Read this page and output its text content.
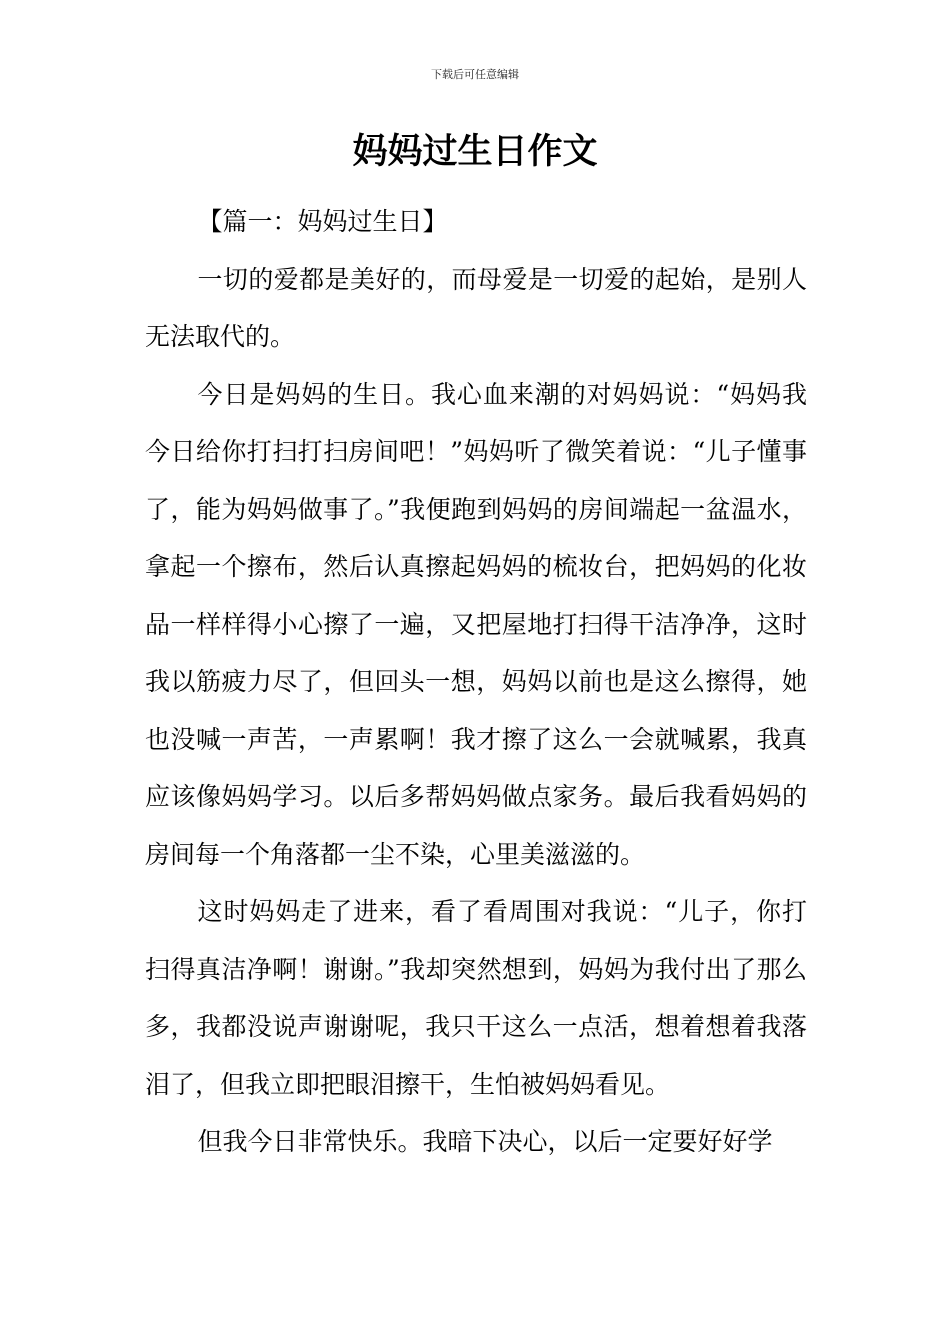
下载后可任意编辑
妈妈过生日作文

【篇一：妈妈过生日】

一切的爱都是美好的，而母爱是一切爱的起始，是别人无法取代的。

今日是妈妈的生日。我心血来潮的对妈妈说：“妈妈我今日给你打扫打扫房间吧！”妈妈听了微笑着说：“儿子懂事了，能为妈妈做事了。”我便跑到妈妈的房间端起一盆温水，拿起一个擦布，然后认真擦起妈妈的梳妆台，把妈妈的化妆品一样样得小心擦了一遍，又把屋地打扫得干洁净净，这时我以筋疲力尽了，但回头一想，妈妈以前也是这么擦得，她也没喊一声苦，一声累啊！我才擦了这么一会就喊累，我真应该像妈妈学习。以后多帮妈妈做点家务。最后我看妈妈的房间每一个角落都一尘不染，心里美滋滋的。

这时妈妈走了进来，看了看周围对我说：“儿子，你打扫得真洁净啊！谢谢。”我却突然想到，妈妈为我付出了那么多，我都没说声谢谢呢，我只干这么一点活，想着想着我落泪了，但我立即把眼泪擦干，生怕被妈妈看见。

但我今日非常快乐。我暗下决心，以后一定要好好学
